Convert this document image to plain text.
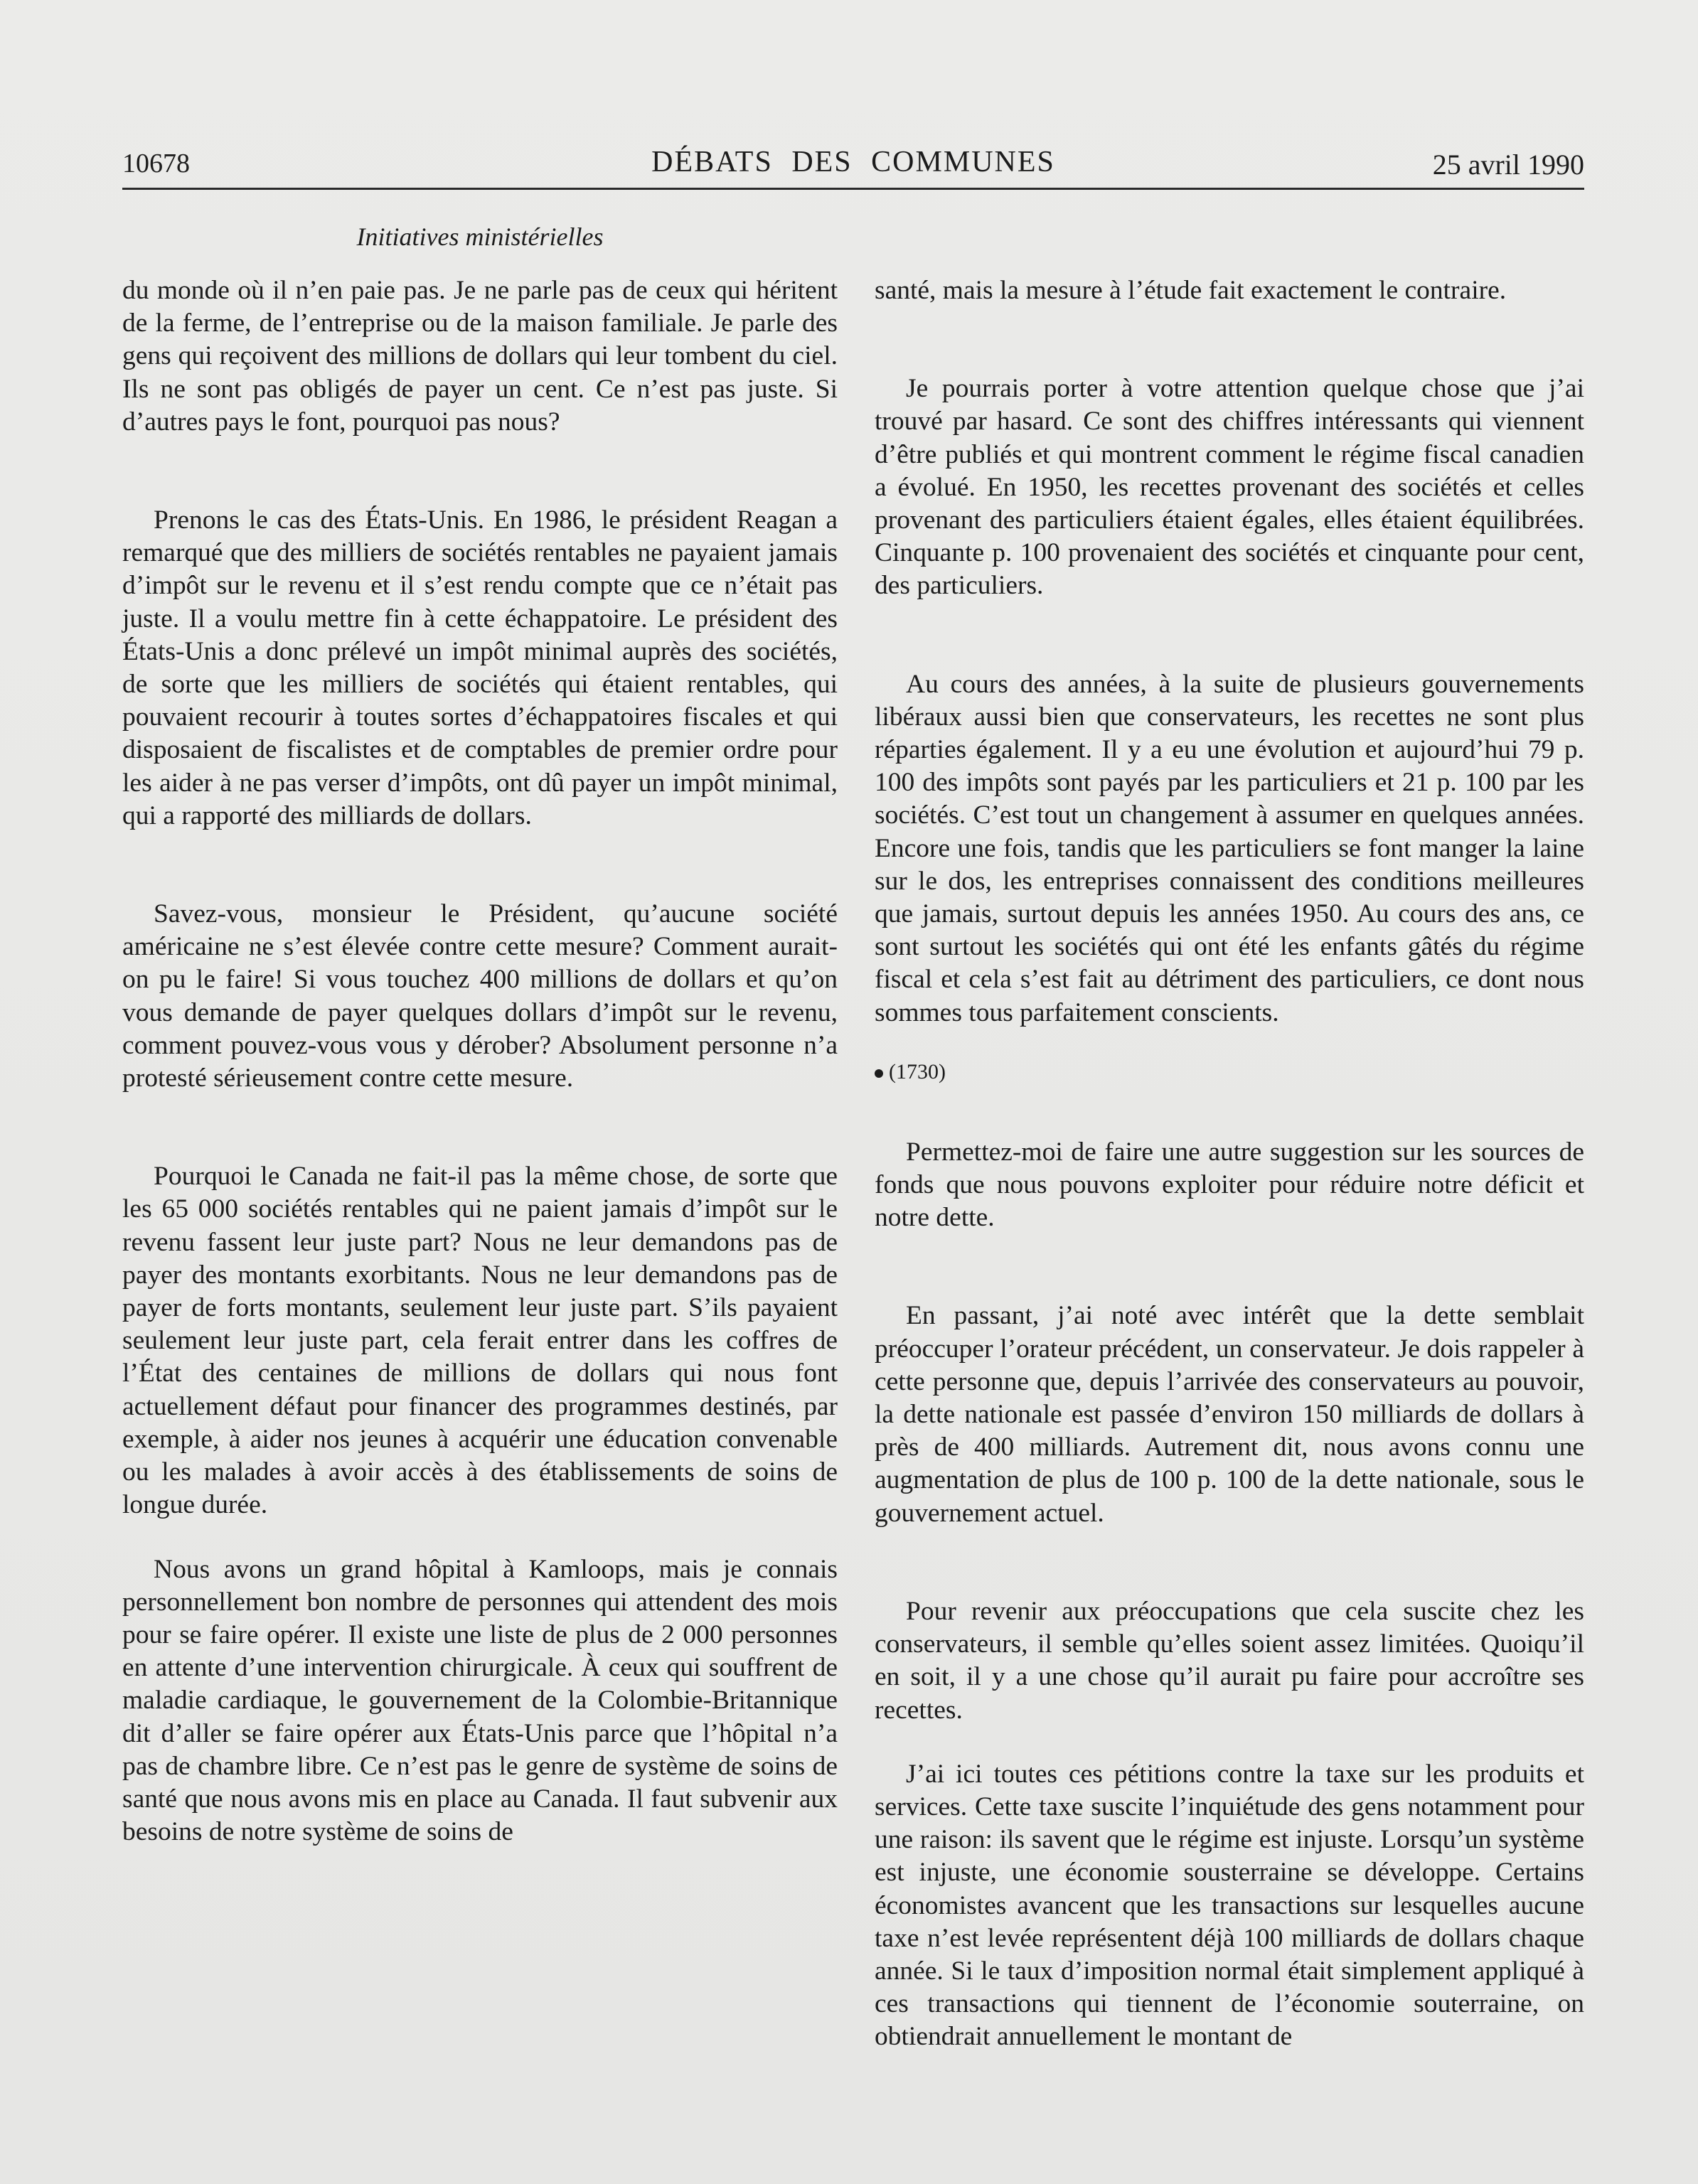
10678	DÉBATS DES COMMUNES	25 avril 1990
Initiatives ministérielles

du monde où il n’en paie pas. Je ne parle pas de ceux qui héritent de la ferme, de l’entreprise ou de la maison familiale. Je parle des gens qui reçoivent des millions de dollars qui leur tombent du ciel. Ils ne sont pas obligés de payer un cent. Ce n’est pas juste. Si d’autres pays le font, pourquoi pas nous?

Prenons le cas des États-Unis. En 1986, le président Reagan a remarqué que des milliers de sociétés rentables ne payaient jamais d’impôt sur le revenu et il s’est rendu compte que ce n’était pas juste. Il a voulu mettre fin à cette échappatoire. Le président des États-Unis a donc prélevé un impôt minimal auprès des sociétés, de sorte que les milliers de sociétés qui étaient rentables, qui pouvaient recourir à toutes sortes d’échappatoires fiscales et qui disposaient de fiscalistes et de comptables de premier ordre pour les aider à ne pas verser d’impôts, ont dû payer un impôt minimal, qui a rapporté des milliards de dollars.

Savez-vous, monsieur le Président, qu’aucune société américaine ne s’est élevée contre cette mesure? Comment aurait-on pu le faire! Si vous touchez 400 millions de dollars et qu’on vous demande de payer quelques dollars d’impôt sur le revenu, comment pouvez-vous vous y dérober? Absolument personne n’a protesté sérieusement contre cette mesure.

Pourquoi le Canada ne fait-il pas la même chose, de sorte que les 65 000 sociétés rentables qui ne paient jamais d’impôt sur le revenu fassent leur juste part? Nous ne leur demandons pas de payer des montants exorbitants. Nous ne leur demandons pas de payer de forts montants, seulement leur juste part. S’ils payaient seulement leur juste part, cela ferait entrer dans les coffres de l’État des centaines de millions de dollars qui nous font actuellement défaut pour financer des programmes destinés, par exemple, à aider nos jeunes à acquérir une éducation convenable ou les malades à avoir accès à des établissements de soins de longue durée.

Nous avons un grand hôpital à Kamloops, mais je connais personnellement bon nombre de personnes qui attendent des mois pour se faire opérer. Il existe une liste de plus de 2 000 personnes en attente d’une intervention chirurgicale. À ceux qui souffrent de maladie cardiaque, le gouvernement de la Colombie-Britannique dit d’aller se faire opérer aux États-Unis parce que l’hôpital n’a pas de chambre libre. Ce n’est pas le genre de système de soins de santé que nous avons mis en place au Canada. Il faut subvenir aux besoins de notre système de soins de

santé, mais la mesure à l’étude fait exactement le contraire.

Je pourrais porter à votre attention quelque chose que j’ai trouvé par hasard. Ce sont des chiffres intéressants qui viennent d’être publiés et qui montrent comment le régime fiscal canadien a évolué. En 1950, les recettes provenant des sociétés et celles provenant des particuliers étaient égales, elles étaient équilibrées. Cinquante p. 100 provenaient des sociétés et cinquante pour cent, des particuliers.

Au cours des années, à la suite de plusieurs gouvernements libéraux aussi bien que conservateurs, les recettes ne sont plus réparties également. Il y a eu une évolution et aujourd’hui 79 p. 100 des impôts sont payés par les particuliers et 21 p. 100 par les sociétés. C’est tout un changement à assumer en quelques années. Encore une fois, tandis que les particuliers se font manger la laine sur le dos, les entreprises connaissent des conditions meilleures que jamais, surtout depuis les années 1950. Au cours des ans, ce sont surtout les sociétés qui ont été les enfants gâtés du régime fiscal et cela s’est fait au détriment des particuliers, ce dont nous sommes tous parfaitement conscients.

(1730)

Permettez-moi de faire une autre suggestion sur les sources de fonds que nous pouvons exploiter pour réduire notre déficit et notre dette.

En passant, j’ai noté avec intérêt que la dette semblait préoccuper l’orateur précédent, un conservateur. Je dois rappeler à cette personne que, depuis l’arrivée des conservateurs au pouvoir, la dette nationale est passée d’environ 150 milliards de dollars à près de 400 milliards. Autrement dit, nous avons connu une augmentation de plus de 100 p. 100 de la dette nationale, sous le gouvernement actuel.

Pour revenir aux préoccupations que cela suscite chez les conservateurs, il semble qu’elles soient assez limitées. Quoiqu’il en soit, il y a une chose qu’il aurait pu faire pour accroître ses recettes.

J’ai ici toutes ces pétitions contre la taxe sur les produits et services. Cette taxe suscite l’inquiétude des gens notamment pour une raison: ils savent que le régime est injuste. Lorsqu’un système est injuste, une économie sousterraine se développe. Certains économistes avancent que les transactions sur lesquelles aucune taxe n’est levée représentent déjà 100 milliards de dollars chaque année. Si le taux d’imposition normal était simplement appliqué à ces transactions qui tiennent de l’économie souterraine, on obtiendrait annuellement le montant de
